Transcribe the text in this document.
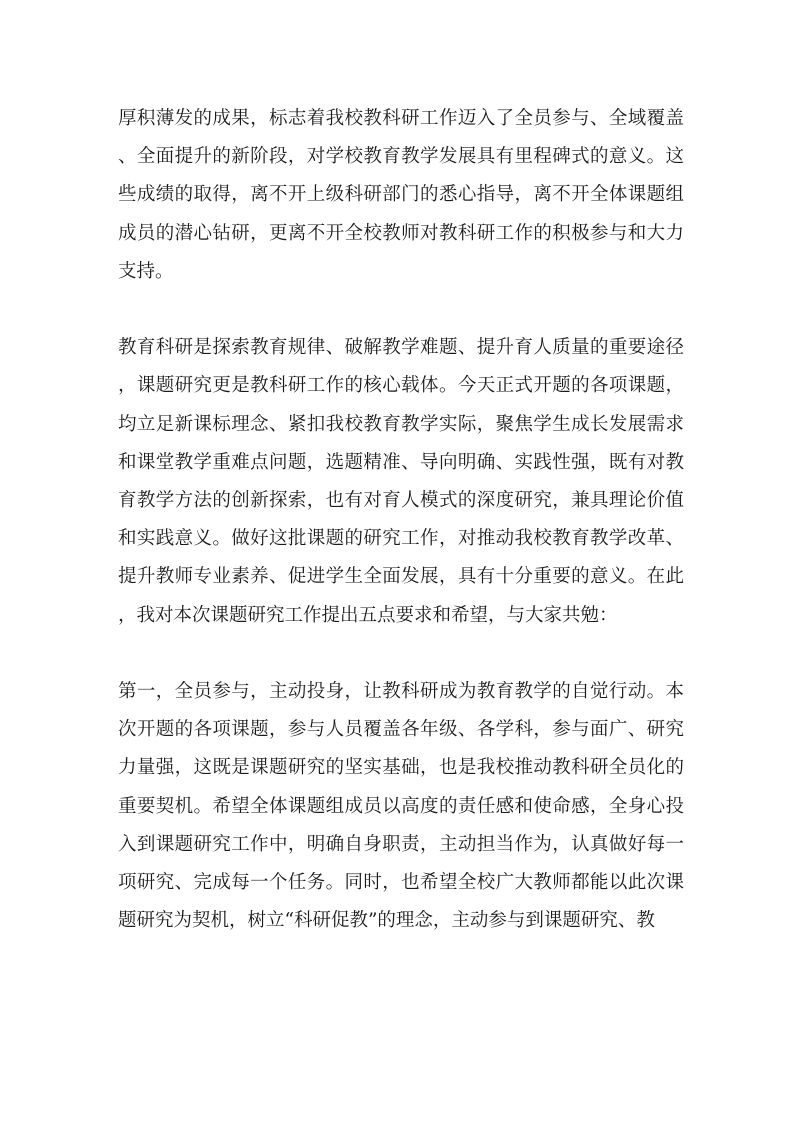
厚积薄发的成果，标志着我校教科研工作迈入了全员参与、全域覆盖、全面提升的新阶段，对学校教育教学发展具有里程碑式的意义。这些成绩的取得，离不开上级科研部门的悉心指导，离不开全体课题组成员的潜心钻研，更离不开全校教师对教科研工作的积极参与和大力支持。

教育科研是探索教育规律、破解教学难题、提升育人质量的重要途径，课题研究更是教科研工作的核心载体。今天正式开题的各项课题，均立足新课标理念、紧扣我校教育教学实际，聚焦学生成长发展需求和课堂教学重难点问题，选题精准、导向明确、实践性强，既有对教育教学方法的创新探索，也有对育人模式的深度研究，兼具理论价值和实践意义。做好这批课题的研究工作，对推动我校教育教学改革、提升教师专业素养、促进学生全面发展，具有十分重要的意义。在此，我对本次课题研究工作提出五点要求和希望，与大家共勉：

第一，全员参与，主动投身，让教科研成为教育教学的自觉行动。本次开题的各项课题，参与人员覆盖各年级、各学科，参与面广、研究力量强，这既是课题研究的坚实基础，也是我校推动教科研全员化的重要契机。希望全体课题组成员以高度的责任感和使命感，全身心投入到课题研究工作中，明确自身职责，主动担当作为，认真做好每一项研究、完成每一个任务。同时，也希望全校广大教师都能以此次课题研究为契机，树立“科研促教”的理念，主动参与到课题研究、教
